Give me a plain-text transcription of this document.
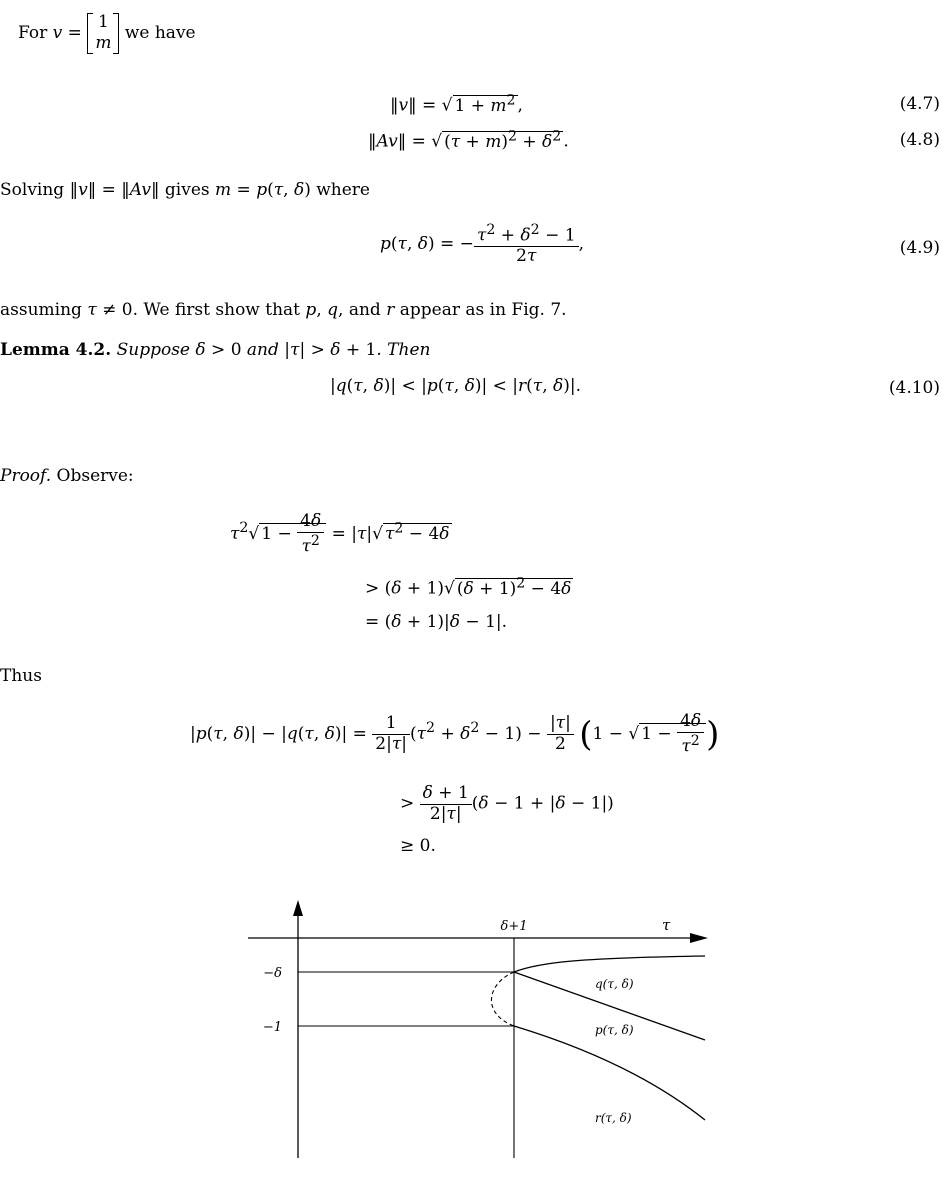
For v = 1
m we have
‖v‖ = √ $1 + m^2$ ,	(4.7)
‖Av‖ = √ $(\tau + m)^2 + \delta^2$ .	(4.8)
Solving ‖v‖ = ‖Av‖ gives m = p(τ, δ) where
p(τ, δ) = − $\frac{\tau^2 + \delta^2 - 1}{2\tau}$ ,	(4.9)
assuming τ ≠ 0. We first show that p, q, and r appear as in Fig. 7.
Lemma 4.2. Suppose δ > 0 and |τ| > δ + 1. Then
|q(τ, δ)| < |p(τ, δ)| < |r(τ, δ)|.	(4.10)
Proof. Observe:
$\tau^2√$ $1 - \frac{4\delta}{\tau^2} = |\tau|√$ $\tau^2 - 4\delta$
> (δ + 1)√ $(\delta + 1)^2 - 4\delta$
= (δ + 1)|δ − 1|.
Thus
|p(τ, δ)| − |q(τ, $\delta)| = \frac{1}{2|\tau|} (\tau^2 + \delta^2 - 1) - \frac{|\tau|}{2} (1$ − √ $1 - \frac{4\delta}{\tau^2}$ )
> $\frac{\delta + 1}{2|\tau|} (\delta - 1 + |\delta - 1|)$
≥ 0.
δ+1	τ
−δ
−1
q(τ, δ)
p(τ, δ)
r(τ, δ)
